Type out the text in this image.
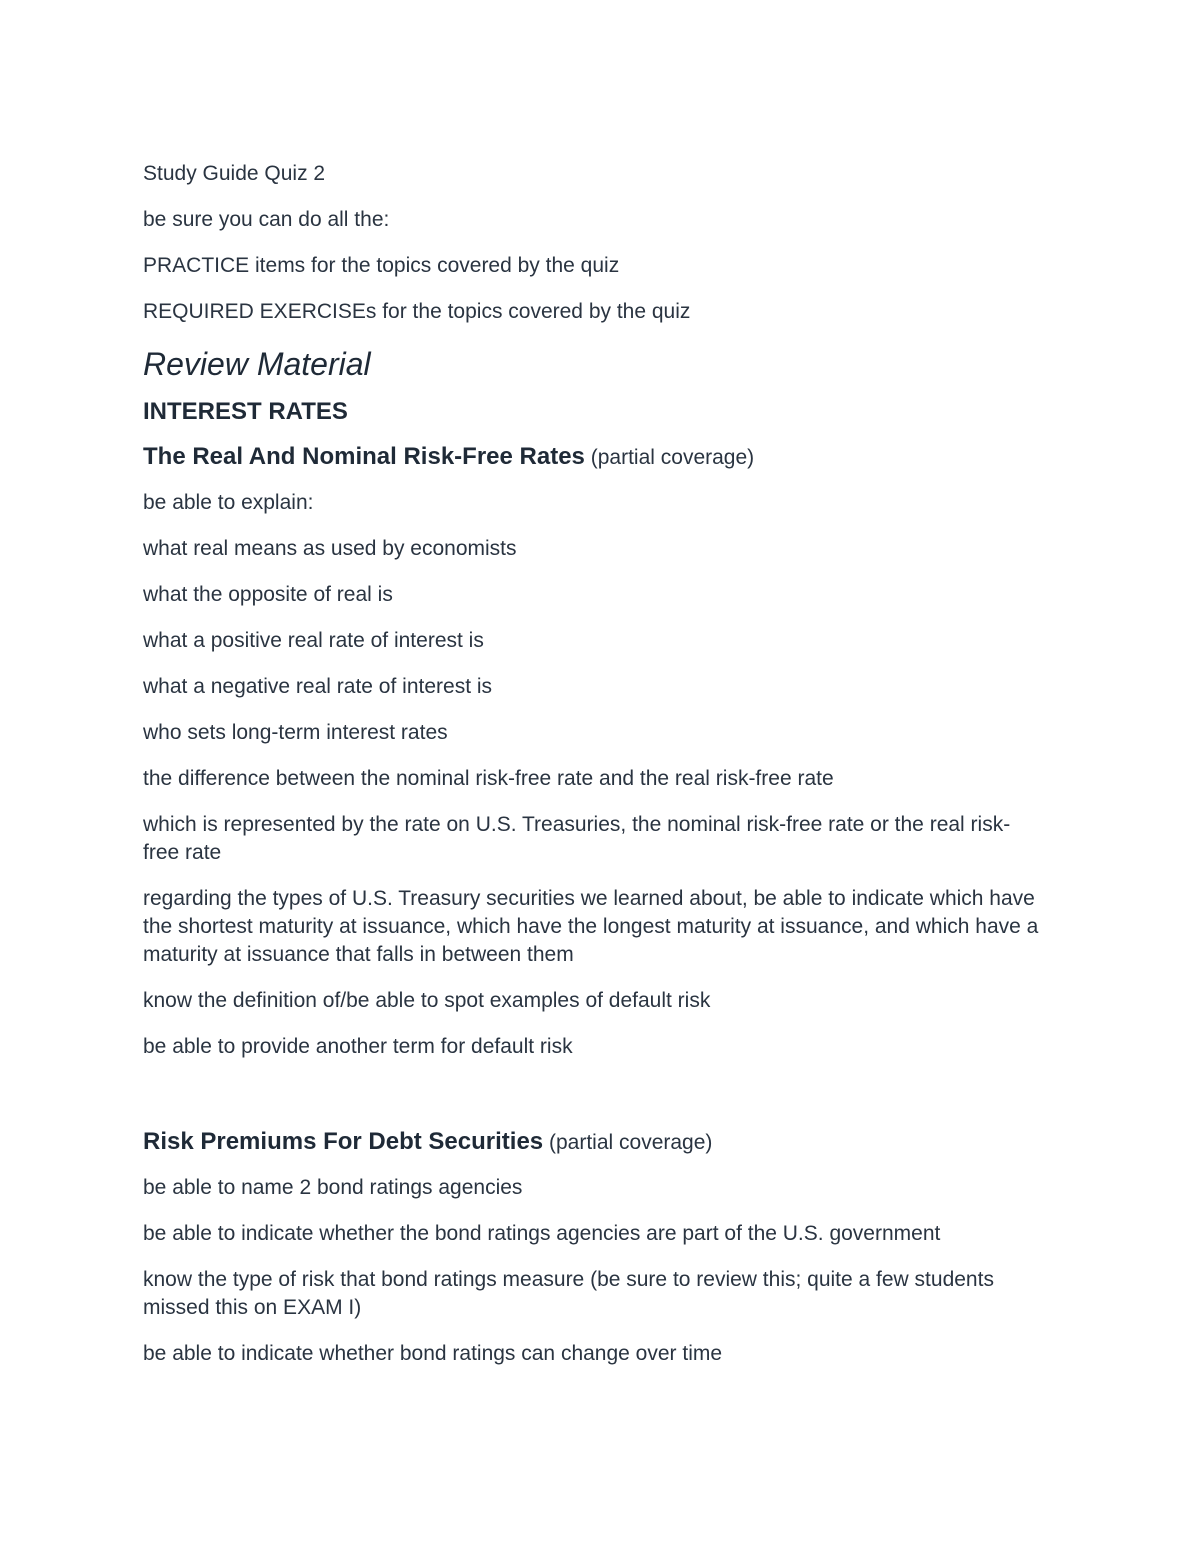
Study Guide Quiz 2

be sure you can do all the:

PRACTICE items for the topics covered by the quiz

REQUIRED EXERCISEs for the topics covered by the quiz

Review Material
INTEREST RATES
The Real And Nominal Risk-Free Rates (partial coverage)

be able to explain:

what real means as used by economists

what the opposite of real is

what a positive real rate of interest is

what a negative real rate of interest is

who sets long-term interest rates

the difference between the nominal risk-free rate and the real risk-free rate

which is represented by the rate on U.S. Treasuries, the nominal risk-free rate or the real risk-free rate

regarding the types of U.S. Treasury securities we learned about, be able to indicate which have the shortest maturity at issuance, which have the longest maturity at issuance, and which have a maturity at issuance that falls in between them

know the definition of/be able to spot examples of default risk

be able to provide another term for default risk

Risk Premiums For Debt Securities (partial coverage)

be able to name 2 bond ratings agencies

be able to indicate whether the bond ratings agencies are part of the U.S. government

know the type of risk that bond ratings measure (be sure to review this; quite a few students missed this on EXAM I)

be able to indicate whether bond ratings can change over time
